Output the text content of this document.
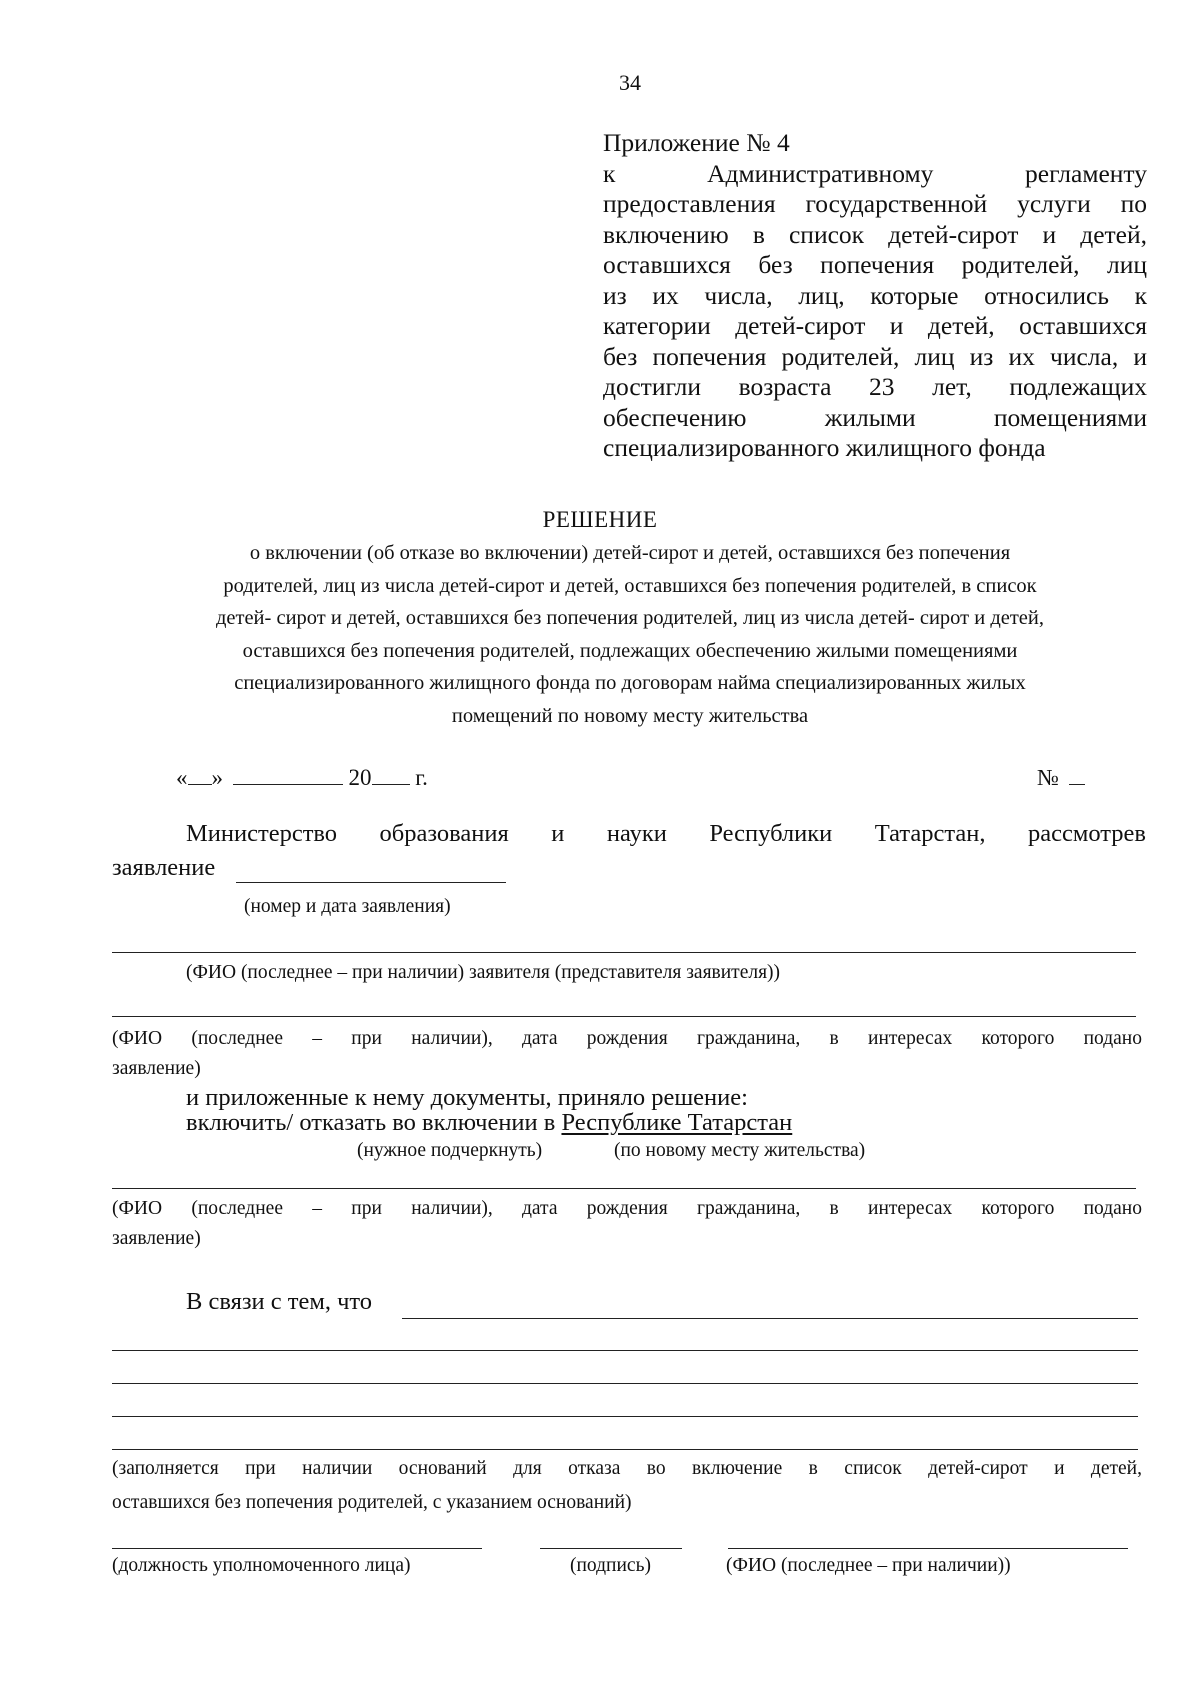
34
Приложение № 4
к Административному регламенту
предоставления государственной услуги по
включению в список детей-сирот и детей,
оставшихся без попечения родителей, лиц
из их числа, лиц, которые относились к
категории детей-сирот и детей, оставшихся
без попечения родителей, лиц из их числа, и
достигли возраста 23 лет, подлежащих
обеспечению жилыми помещениями
специализированного жилищного фонда
РЕШЕНИЕ
о включении (об отказе во включении) детей-сирот и детей, оставшихся без попечения
родителей, лиц из числа детей-сирот и детей, оставшихся без попечения родителей, в список
детей- сирот и детей, оставшихся без попечения родителей, лиц из числа детей- сирот и детей,
оставшихся без попечения родителей, подлежащих обеспечению жилыми помещениями
специализированного жилищного фонда по договорам найма специализированных жилых
помещений по новому месту жительства
« »	20 г.	№
Министерство образования и науки Республики Татарстан, рассмотрев
заявление
(номер и дата заявления)
(ФИО (последнее – при наличии) заявителя (представителя заявителя))
(ФИО (последнее – при наличии), дата рождения гражданина, в интересах которого подано
заявление)
и приложенные к нему документы, приняло решение:
включить/ отказать во включении в Республике Татарстан
(нужное подчеркнуть)	(по новому месту жительства)
(ФИО (последнее – при наличии), дата рождения гражданина, в интересах которого подано
заявление)
В связи с тем, что
(заполняется при наличии оснований для отказа во включение в список детей-сирот и детей,
оставшихся без попечения родителей, с указанием оснований)
(должность уполномоченного лица)	(подпись)	(ФИО (последнее – при наличии))
